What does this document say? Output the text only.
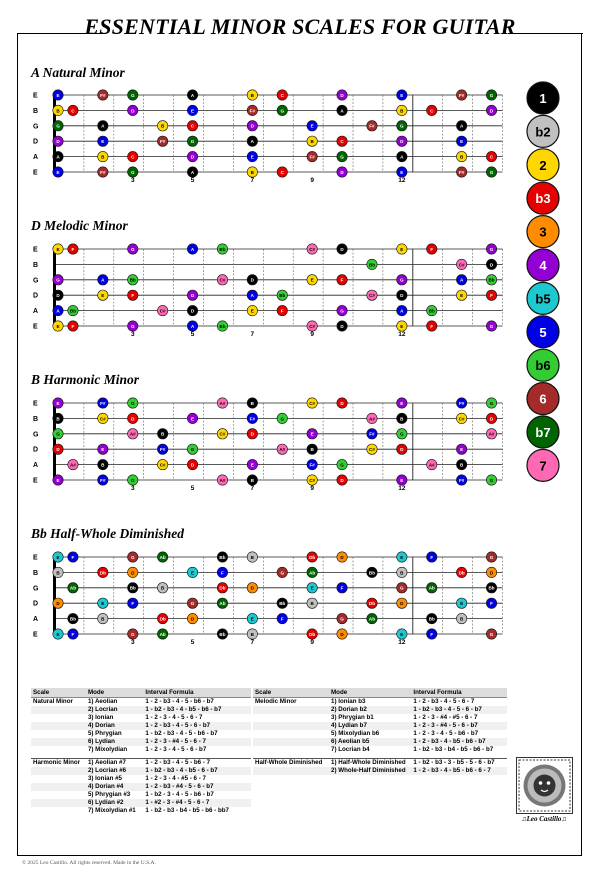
ESSENTIAL MINOR SCALES FOR GUITAR
A Natural Minor
D Melodic Minor
B Harmonic Minor
Bb Half-Whole Diminished
E
B
G
D
A
E
3	5	7	9	12
E	F#	G	A	B	C	D	E	F#	G
B	C	D	E	F#	G	A	B	C	D
G	A	B	C	D	E	F#	G	A
D	E	F#	G	A	B	C	D	E
A	B	C	D	E	F#	G	A	B	C
E	F#	G	A	B	C	D	E	F#	G
E
B
G
D
A
E
3	5	7	9	12
E	F	G	A	Bb	C#	D	E	F	G
Bb	C#	D
G	A	Bb	C#	D	E	F	G	A	Bb
D	E	F	G	A	Bb	C#	D	E	F
A Bb	C#	D	E	F	G	A	Bb
E	F	G	A	Bb	C#	D	E	F	G
E
B
G
D
A
E
3	5	7	9	12
E	F#	G	A#	B	C#	D	E	F#	G
B	C#	D	E	F#	G	A#	B	C#	D
G	A#	B	C#	D	E	F#	G	A#
D	E	F#	G	A#	B	C#	D	E
A#	B	C#	D	E	F#	G	A#	B
E	F#	G	A#	B	C#	D	E	F#	G
E
B
G
D
A
E
3	5	7	9	12
E	F	G	Ab	Bb	B	Db	D	E	F	G
B	Db	D	E	F	G	Ab	Bb	B	Db	D
Ab	Bb	B	Db	D	E	F	G	Ab	Bb
D	E	F	G	Ab	Bb	B	Db	D	E	F
Bb	B	Db	D	E	F	G	Ab	Bb	B
E	F	G	Ab	Bb	B	Db	D	E	F	G
Scale	Mode	Interval Formula
Natural Minor	1) Aeolian	1 - 2 - b3 - 4 - 5 - b6 - b7
	2) Locrian	1 - b2 - b3 - 4 - b5 - b6 - b7
	3) Ionian	1 - 2 - 3 - 4 - 5 - 6 - 7
	4) Dorian	1 - 2 - b3 - 4 - 5 - 6 - b7
	5) Phrygian	1 - b2 - b3 - 4 - 5 - b6 - b7
	6) Lydian	1 - 2 - 3 - #4 - 5 - 6 - 7
	7) Mixolydian	1 - 2 - 3 - 4 - 5 - 6 - b7

Harmonic Minor	1) Aeolian #7	1 - 2 - b3 - 4 - 5 - b6 - 7
	2) Locrian #6	1 - b2 - b3 - 4 - b5 - 6 - b7
	3) Ionian #5	1 - 2 - 3 - 4 - #5 - 6 - 7
	4) Dorian #4	1 - 2 - b3 - #4 - 5 - 6 - b7
	5) Phrygian #3	1 - b2 - 3 - 4 - 5 - b6 - b7
	6) Lydian #2	1 - #2 - 3 - #4 - 5 - 6 - 7
	7) Mixolydian #1	1 - b2 - b3 - b4 - b5 - b6 - bb7
Scale	Mode	Interval Formula
Melodic Minor	1) Ionian b3	1 - 2 - b3 - 4 - 5 - 6 - 7
	2) Dorian b2	1 - b2 - b3 - 4 - 5 - 6 - b7
	3) Phrygian b1	1 - 2 - 3 - #4 - #5 - 6 - 7
	4) Lydian b7	1 - 2 - 3 - #4 - 5 - 6 - b7
	5) Mixolydian b6	1 - 2 - 3 - 4 - 5 - b6 - b7
	6) Aeolian b5	1 - 2 - b3 - 4 - b5 - b6 - b7
	7) Locrian b4	1 - b2 - b3 - b4 - b5 - b6 - b7

Half-Whole Diminished	1) Half-Whole Diminished	1 - b2 - b3 - 3 - b5 - 5 - 6 - b7
	2) Whole-Half Diminished	1 - 2 - b3 - 4 - b5 - b6 - 6 - 7
♫Leo Castillo♫
© 2025 Leo Castillo. All rights reserved. Made in the U.S.A.
1
b2
2
b3
3
4
b5
5
b6
6
b7
7
